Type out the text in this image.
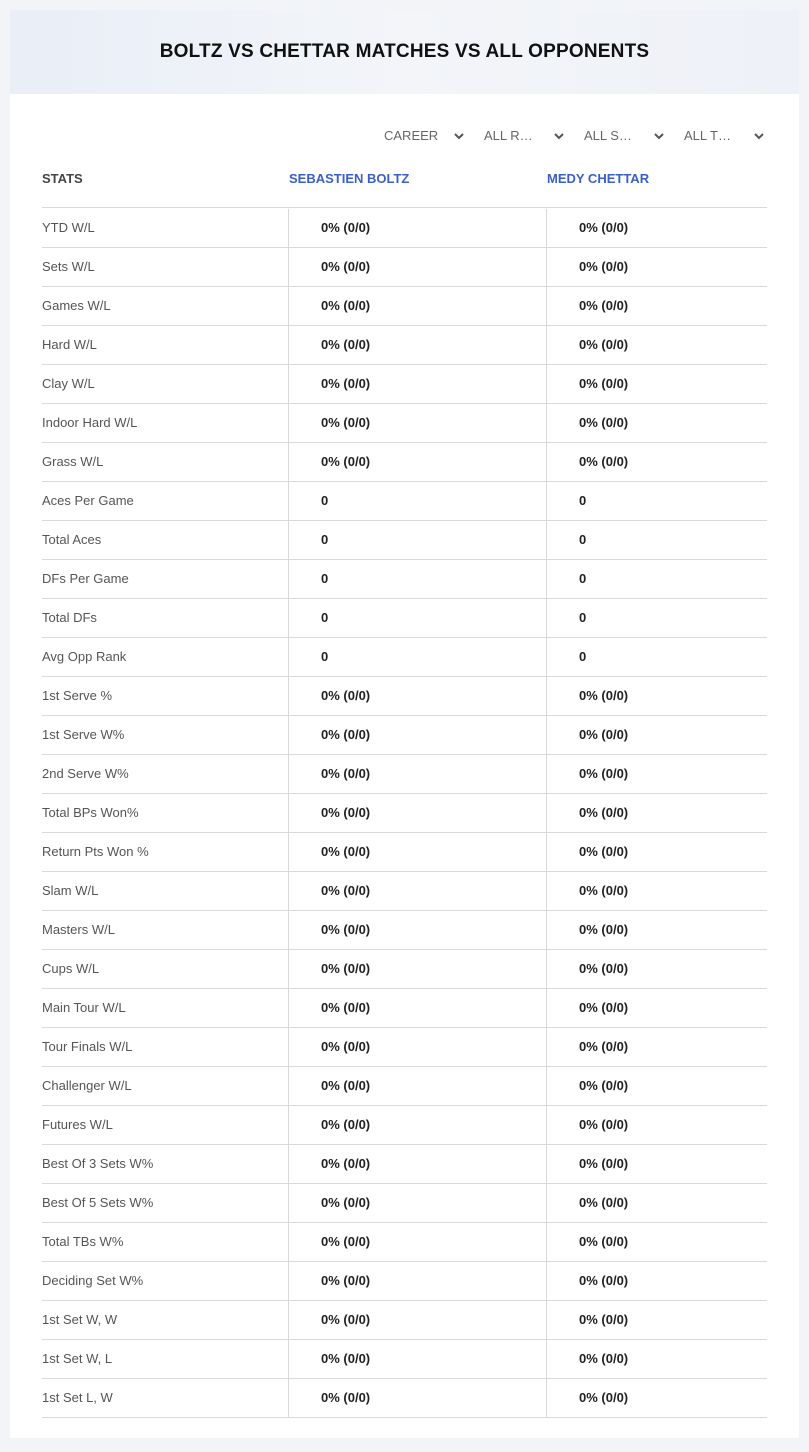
BOLTZ VS CHETTAR MATCHES VS ALL OPPONENTS
CAREER	ALL R…	ALL S…	ALL T…
STATS	SEBASTIEN BOLTZ	MEDY CHETTAR
YTD W/L	0% (0/0)	0% (0/0)
Sets W/L	0% (0/0)	0% (0/0)
Games W/L	0% (0/0)	0% (0/0)
Hard W/L	0% (0/0)	0% (0/0)
Clay W/L	0% (0/0)	0% (0/0)
Indoor Hard W/L	0% (0/0)	0% (0/0)
Grass W/L	0% (0/0)	0% (0/0)
Aces Per Game	0	0
Total Aces	0	0
DFs Per Game	0	0
Total DFs	0	0
Avg Opp Rank	0	0
1st Serve %	0% (0/0)	0% (0/0)
1st Serve W%	0% (0/0)	0% (0/0)
2nd Serve W%	0% (0/0)	0% (0/0)
Total BPs Won%	0% (0/0)	0% (0/0)
Return Pts Won %	0% (0/0)	0% (0/0)
Slam W/L	0% (0/0)	0% (0/0)
Masters W/L	0% (0/0)	0% (0/0)
Cups W/L	0% (0/0)	0% (0/0)
Main Tour W/L	0% (0/0)	0% (0/0)
Tour Finals W/L	0% (0/0)	0% (0/0)
Challenger W/L	0% (0/0)	0% (0/0)
Futures W/L	0% (0/0)	0% (0/0)
Best Of 3 Sets W%	0% (0/0)	0% (0/0)
Best Of 5 Sets W%	0% (0/0)	0% (0/0)
Total TBs W%	0% (0/0)	0% (0/0)
Deciding Set W%	0% (0/0)	0% (0/0)
1st Set W, W	0% (0/0)	0% (0/0)
1st Set W, L	0% (0/0)	0% (0/0)
1st Set L, W	0% (0/0)	0% (0/0)
